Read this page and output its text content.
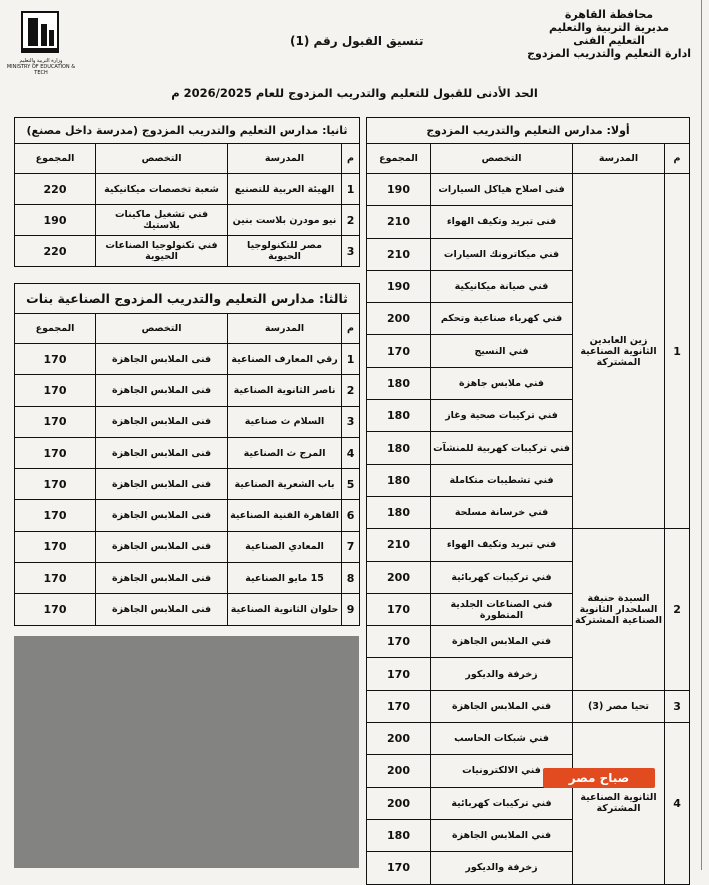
محافظة القاهرة
مديرية التربية والتعليم
التعليم الفنى
ادارة التعليم والتدريب المزدوج
تنسيق القبول رقم (1)
وزارة التربية والتعليم
MINISTRY OF EDUCATION & TECH
الحد الأدنى للقبول للتعليم والتدريب المزدوج للعام 2026/2025 م
أولا: مدارس التعليم والتدريب المزدوج			
م	المدرسة	التخصص	المجموع
1	زين العابدين الثانوية الصناعية المشتركة	فنى اصلاح هياكل السيارات	190
		فنى تبريد وتكيف الهواء	210
		فني ميكاترونك السيارات	210
		فني صيانة ميكانيكية	190
		فني كهرباء صناعية وتحكم	200
		فني النسيج	170
		فني ملابس جاهزة	180
		فني تركيبات صحية وغاز	180
		فني تركيبات كهربية للمنشآت	180
		فني تشطيبات متكاملة	180
		فني خرسانة مسلحة	180
2	السيدة حنيفة السلحدار الثانوية الصناعية المشتركة	فني تبريد وتكيف الهواء	210
		فني تركيبات كهربائية	200
		فني الصناعات الجلدية المتطورة	170
		فني الملابس الجاهزة	170
		زخرفة والديكور	170
3	تحيا مصر (3)	فني الملابس الجاهزة	170
4	الثانوية الصناعية المشتركة	فني شبكات الحاسب	200
		فني الالكترونيات	200
		فني تركيبات كهربائية	200
		فني الملابس الجاهزة	180
		زخرفة والديكور	170
ثانيا: مدارس التعليم والتدريب المزدوج (مدرسة داخل مصنع)			
م	المدرسة	التخصص	المجموع
1	الهيئة العربية للتصنيع	شعبة تخصصات ميكانيكية	220
2	نيو مودرن بلاست بنين	فني تشغيل ماكينات بلاستيك	190
3	مصر للتكنولوجيا الحيوية	فني تكنولوجيا الصناعات الحيوية	220
ثالثا: مدارس التعليم والتدريب المزدوج الصناعية بنات			
م	المدرسة	التخصص	المجموع
1	رقي المعارف الصناعية	فنى الملابس الجاهزة	170
2	ناصر الثانوية الصناعية	فنى الملابس الجاهزة	170
3	السلام ث صناعية	فنى الملابس الجاهزة	170
4	المرج ث الصناعية	فنى الملابس الجاهزة	170
5	باب الشعرية الصناعية	فنى الملابس الجاهزة	170
6	القاهرة الفنية الصناعية	فنى الملابس الجاهزة	170
7	المعادي الصناعية	فنى الملابس الجاهزة	170
8	15 مايو الصناعية	فنى الملابس الجاهزة	170
9	حلوان الثانوية الصناعية	فنى الملابس الجاهزة	170
صباح مصر
